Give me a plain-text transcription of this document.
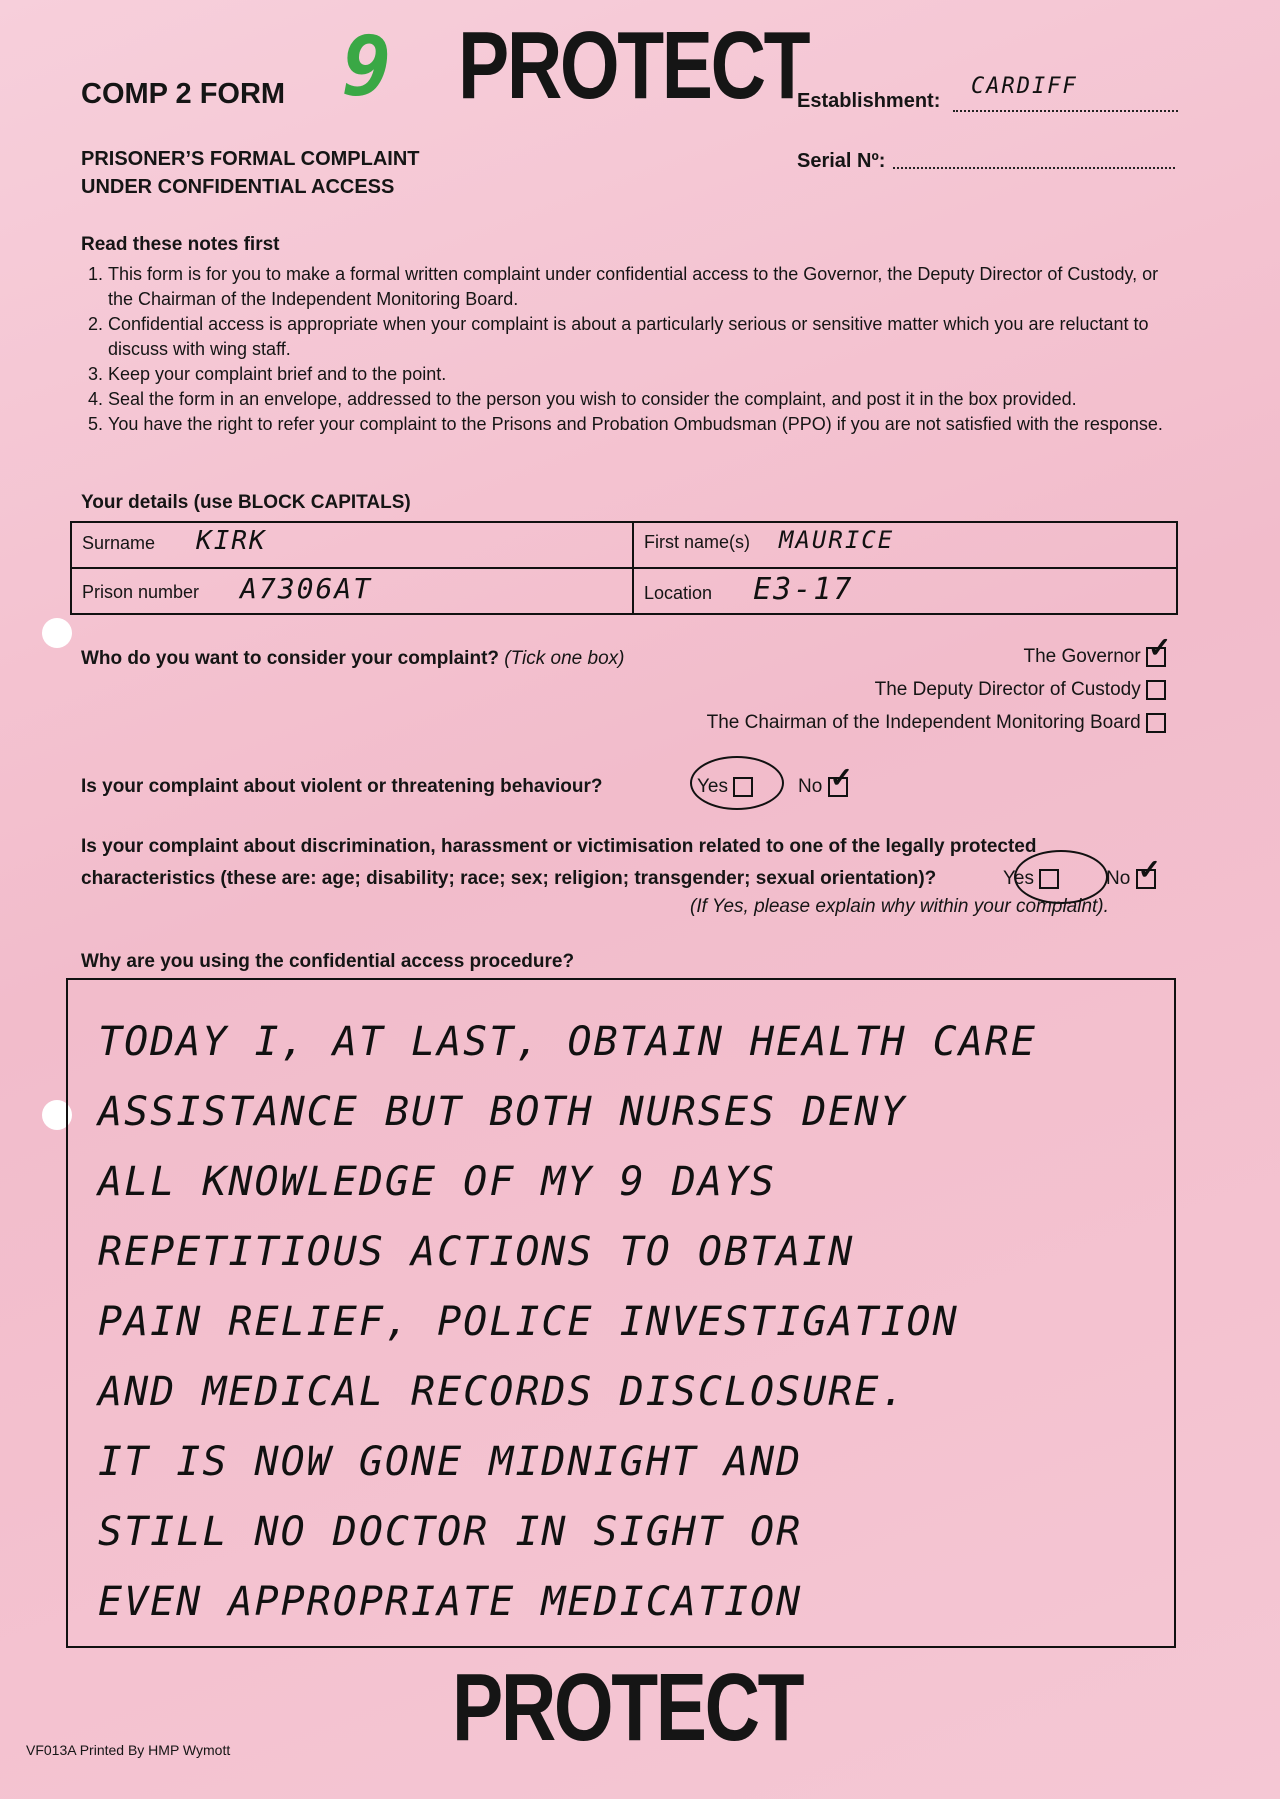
COMP 2 FORM 9 PROTECT
Establishment:
CARDIFF
PRISONER’S FORMAL COMPLAINT
UNDER CONFIDENTIAL ACCESS
Serial Nº:
Read these notes first
1. This form is for you to make a formal written complaint under confidential access to the Governor, the Deputy Director of Custody, or the Chairman of the Independent Monitoring Board.
2. Confidential access is appropriate when your complaint is about a particularly serious or sensitive matter which you are reluctant to discuss with wing staff.
3. Keep your complaint brief and to the point.
4. Seal the form in an envelope, addressed to the person you wish to consider the complaint, and post it in the box provided.
5. You have the right to refer your complaint to the Prisons and Probation Ombudsman (PPO) if you are not satisfied with the response.
Your details (use BLOCK CAPITALS)
Surname KIRK	First name(s) MAURICE
Prison number A7306AT	Location E3-17
Who do you want to consider your complaint? (Tick one box)	The Governor ✓
The Deputy Director of Custody
The Chairman of the Independent Monitoring Board
Is your complaint about violent or threatening behaviour?	Yes	No ✓
Is your complaint about discrimination, harassment or victimisation related to one of the legally protected
characteristics (these are: age; disability; race; sex; religion; transgender; sexual orientation)?	Yes	No ✓
(If Yes, please explain why within your complaint).
Why are you using the confidential access procedure?
TODAY I, AT LAST, OBTAIN HEALTH CARE
ASSISTANCE BUT BOTH NURSES DENY
ALL KNOWLEDGE OF MY 9 DAYS
REPETITIOUS ACTIONS TO OBTAIN
PAIN RELIEF, POLICE INVESTIGATION
AND MEDICAL RECORDS DISCLOSURE.
IT IS NOW GONE MIDNIGHT AND
STILL NO DOCTOR IN SIGHT OR
EVEN APPROPRIATE MEDICATION
PROTECT
VF013A Printed By HMP Wymott
